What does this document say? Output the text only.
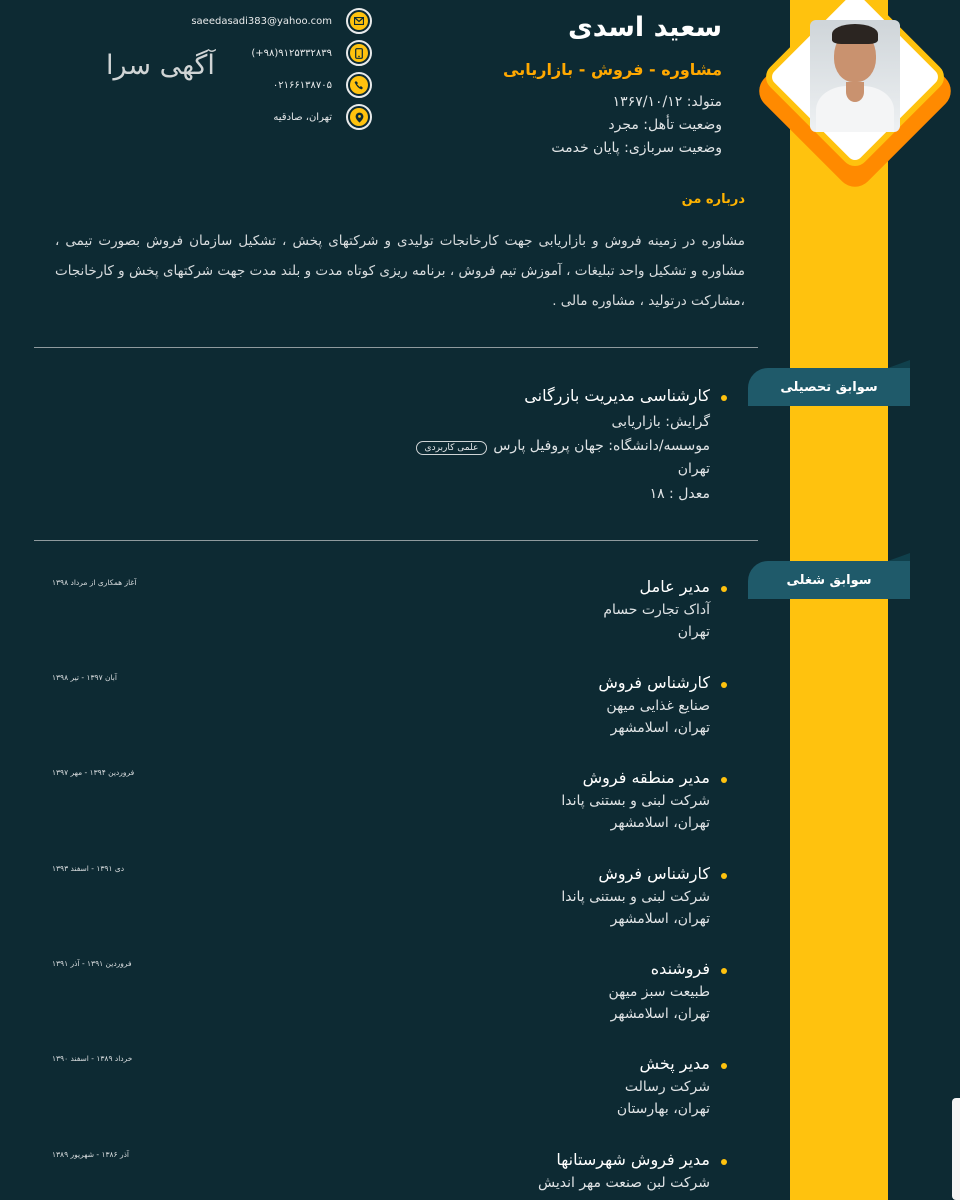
سعید اسدی
مشاوره - فروش - بازاریابی
متولد: ۱۳۶۷/۱۰/۱۲
وضعیت تأهل: مجرد
وضعیت سربازی: پایان خدمت
saeedasadi383@yahoo.com
(+۹۸)۹۱۲۵۳۳۲۸۳۹
۰۲۱۶۶۱۳۸۷۰۵
تهران، صادقیه
آگهی سرا
درباره من
مشاوره در زمینه فروش و بازاریابی جهت کارخانجات تولیدی و شرکتهای پخش ، تشکیل سازمان فروش بصورت تیمی ، مشاوره و تشکیل واحد تبلیغات ، آموزش تیم فروش ، برنامه ریزی کوتاه مدت و بلند مدت جهت شرکتهای پخش و کارخانجات ،مشارکت درتولید ، مشاوره مالی .
سوابق تحصیلی
کارشناسی مدیریت بازرگانی
گرایش: بازاریابی
موسسه/دانشگاه: جهان پروفیل پارسعلمی کاربردی
تهران
معدل : ۱۸
سوابق شغلی
مدیر عامل
آداک تجارت حسام
تهران
آغاز همکاری از مرداد ۱۳۹۸
کارشناس فروش
صنایع غذایی میهن
تهران، اسلامشهر
آبان ۱۳۹۷ - تیر ۱۳۹۸
مدیر منطقه فروش
شرکت لبنی و بستنی پاندا
تهران، اسلامشهر
فروردین ۱۳۹۴ - مهر ۱۳۹۷
کارشناس فروش
شرکت لبنی و بستنی پاندا
تهران، اسلامشهر
دی ۱۳۹۱ - اسفند ۱۳۹۳
فروشنده
طبیعت سبز میهن
تهران، اسلامشهر
فروردین ۱۳۹۱ - آذر ۱۳۹۱
مدیر پخش
شرکت رسالت
تهران، بهارستان
خرداد ۱۳۸۹ - اسفند ۱۳۹۰
مدیر فروش شهرستانها
شرکت لبن صنعت مهر اندیش
آذر ۱۳۸۶ - شهریور ۱۳۸۹
